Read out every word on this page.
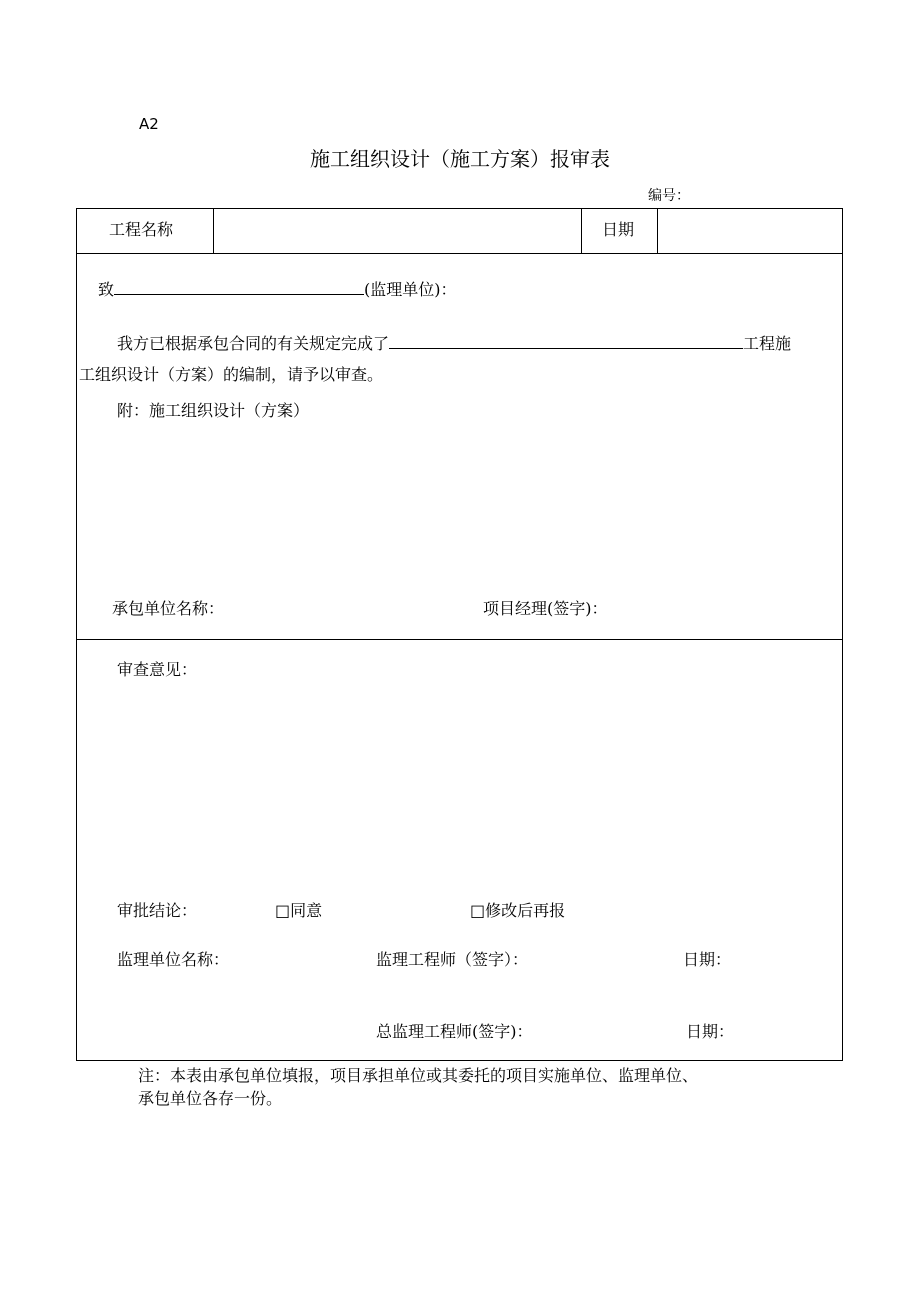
A2
施工组织设计（施工方案）报审表
编号：
工程名称	日期
致	(监理单位)：
我方已根据承包合同的有关规定完成了	工程施
工组织设计（方案）的编制，请予以审查。
附：施工组织设计（方案）
承包单位名称：	项目经理(签字)：
审查意见：
审批结论：	□同意	□修改后再报
监理单位名称：	监理工程师（签字）：	日期：
总监理工程师(签字)：	日期：
注：本表由承包单位填报，项目承担单位或其委托的项目实施单位、监理单位、
承包单位各存一份。
